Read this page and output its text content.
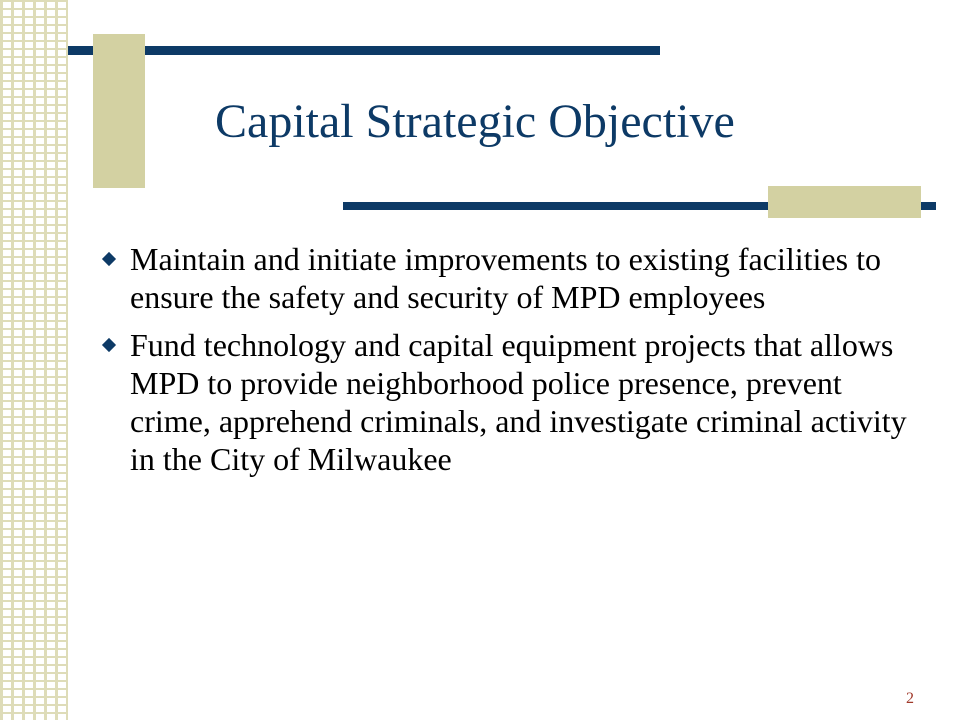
Capital Strategic Objective
Maintain and initiate improvements to existing facilities to ensure the safety and security of MPD employees
Fund technology and capital equipment projects that allows MPD to provide neighborhood police presence, prevent crime, apprehend criminals, and investigate criminal activity in the City of Milwaukee
2
